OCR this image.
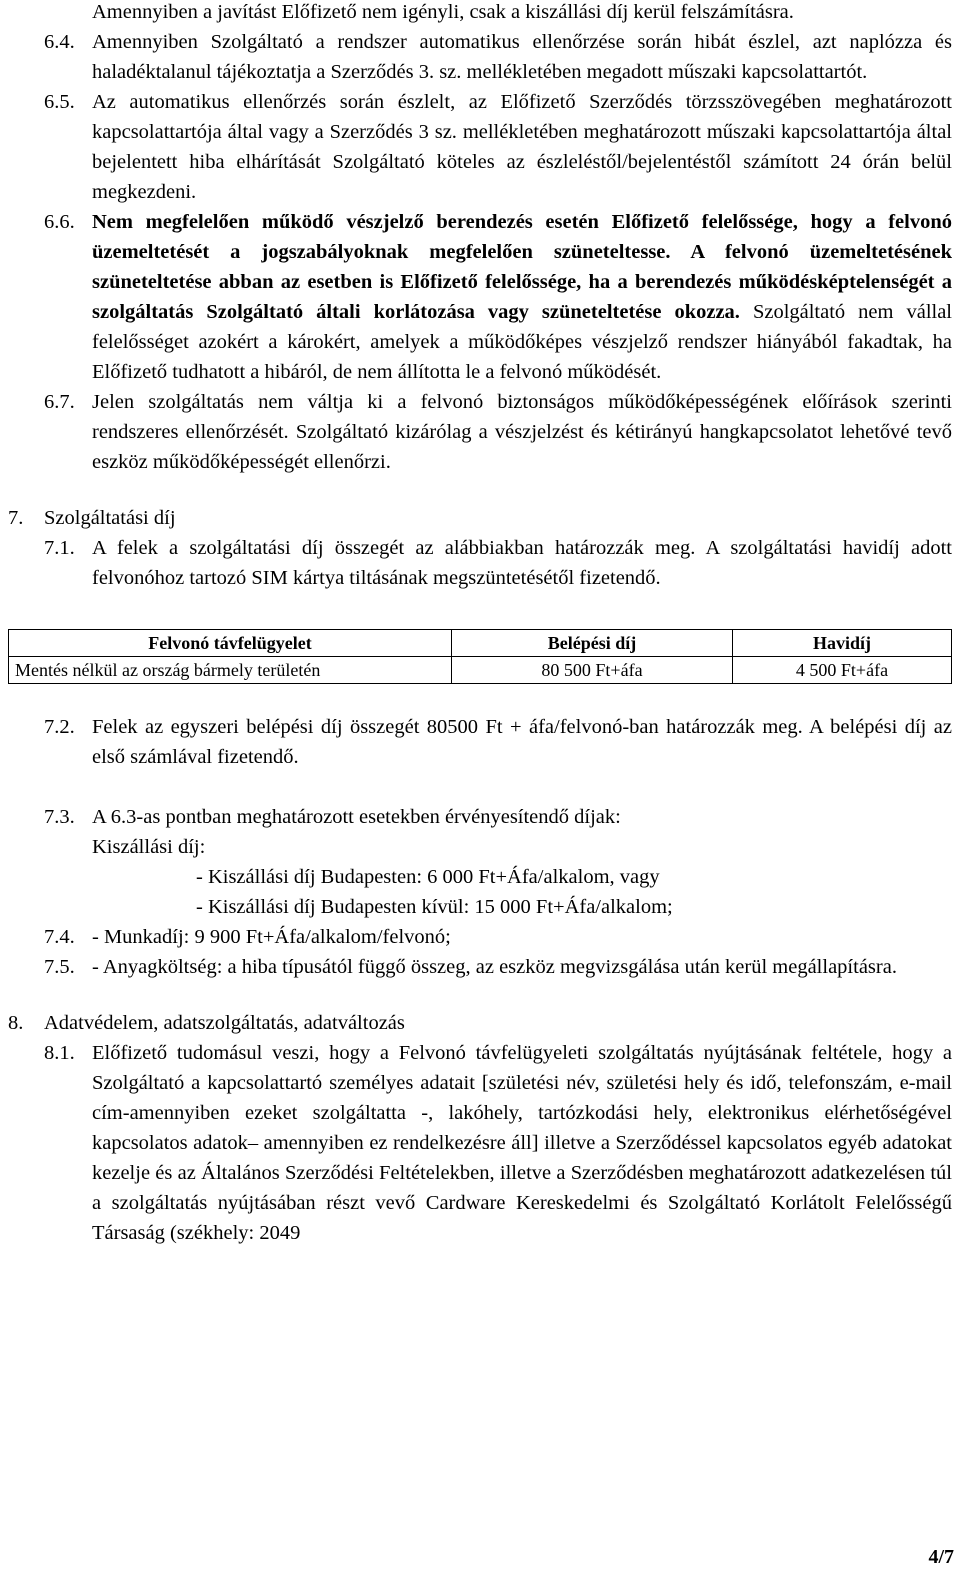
Amennyiben a javítást Előfizető nem igényli, csak a kiszállási díj kerül felszámításra.
6.4. Amennyiben Szolgáltató a rendszer automatikus ellenőrzése során hibát észlel, azt naplózza és haladéktalanul tájékoztatja a Szerződés 3. sz. mellékletében megadott műszaki kapcsolattartót.
6.5. Az automatikus ellenőrzés során észlelt, az Előfizető Szerződés törzsszövegében meghatározott kapcsolattartója által vagy a Szerződés 3 sz. mellékletében meghatározott műszaki kapcsolattartója által bejelentett hiba elhárítását Szolgáltató köteles az észleléstől/bejelentéstől számított 24 órán belül megkezdeni.
6.6. Nem megfelelően működő vészjelző berendezés esetén Előfizető felelőssége, hogy a felvonó üzemeltetését a jogszabályoknak megfelelően szüneteltesse. A felvonó üzemeltetésének szüneteltetése abban az esetben is Előfizető felelőssége, ha a berendezés működésképtelenségét a szolgáltatás Szolgáltató általi korlátozása vagy szüneteltetése okozza. Szolgáltató nem vállal felelősséget azokért a károkért, amelyek a működőképes vészjelző rendszer hiányából fakadtak, ha Előfizető tudhatott a hibáról, de nem állította le a felvonó működését.
6.7. Jelen szolgáltatás nem váltja ki a felvonó biztonságos működőképességének előírások szerinti rendszeres ellenőrzését. Szolgáltató kizárólag a vészjelzést és kétirányú hangkapcsolatot lehetővé tevő eszköz működőképességét ellenőrzi.
7. Szolgáltatási díj
7.1. A felek a szolgáltatási díj összegét az alábbiakban határozzák meg. A szolgáltatási havidíj adott felvonóhoz tartozó SIM kártya tiltásának megszüntetésétől fizetendő.
Felvonó távfelügyelet	Belépési díj	Havidíj
Mentés nélkül az ország bármely területén	80 500 Ft+áfa	4 500 Ft+áfa
7.2. Felek az egyszeri belépési díj összegét 80500 Ft + áfa/felvonó-ban határozzák meg. A belépési díj az első számlával fizetendő.
7.3. A 6.3-as pontban meghatározott esetekben érvényesítendő díjak:
Kiszállási díj:
- Kiszállási díj Budapesten: 6 000 Ft+Áfa/alkalom, vagy
- Kiszállási díj Budapesten kívül: 15 000 Ft+Áfa/alkalom;
7.4. - Munkadíj: 9 900 Ft+Áfa/alkalom/felvonó;
7.5. - Anyagköltség: a hiba típusától függő összeg, az eszköz megvizsgálása után kerül megállapításra.
8. Adatvédelem, adatszolgáltatás, adatváltozás
8.1. Előfizető tudomásul veszi, hogy a Felvonó távfelügyeleti szolgáltatás nyújtásának feltétele, hogy a Szolgáltató a kapcsolattartó személyes adatait [születési név, születési hely és idő, telefonszám, e-mail cím-amennyiben ezeket szolgáltatta -, lakóhely, tartózkodási hely, elektronikus elérhetőségével kapcsolatos adatok– amennyiben ez rendelkezésre áll] illetve a Szerződéssel kapcsolatos egyéb adatokat kezelje és az Általános Szerződési Feltételekben, illetve a Szerződésben meghatározott adatkezelésen túl a szolgáltatás nyújtásában részt vevő Cardware Kereskedelmi és Szolgáltató Korlátolt Felelősségű Társaság (székhely: 2049
4/7
